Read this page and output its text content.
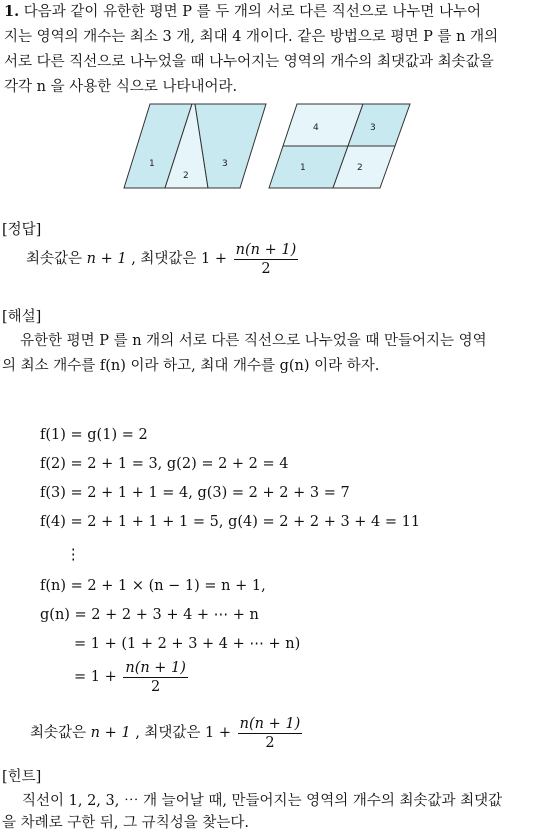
1. 다음과 같이 유한한 평면 P 를 두 개의 서로 다른 직선으로 나누면 나누어
지는 영역의 개수는 최소 3 개, 최대 4 개이다. 같은 방법으로 평면 P 를 n 개의
서로 다른 직선으로 나누었을 때 나누어지는 영역의 개수의 최댓값과 최솟값을
각각 n 을 사용한 식으로 나타내어라.
1
2
3
4	3
1	2
[정답]
최솟값은 n + 1 , 최댓값은 $1 + \frac{n(n + 1)}{2}$
[해설]
유한한 평면 P 를 n 개의 서로 다른 직선으로 나누었을 때 만들어지는 영역
의 최소 개수를 f(n) 이라 하고, 최대 개수를 g(n) 이라 하자.
f(1) = g(1) = 2
f(2) = 2 + 1 = 3, g(2) = 2 + 2 = 4
f(3) = 2 + 1 + 1 = 4, g(3) = 2 + 2 + 3 = 7
f(4) = 2 + 1 + 1 + 1 = 5, g(4) = 2 + 2 + 3 + 4 = 11
⋮
f(n) = 2 + 1 × (n − 1) = n + 1,
g(n) = 2 + 2 + 3 + 4 + ⋯ + n
= 1 + (1 + 2 + 3 + 4 + ⋯ + n)
= $1 + \frac{n(n + 1)}{2}$
최솟값은 n + 1 , 최댓값은 $1 + \frac{n(n + 1)}{2}$
[힌트]
직선이 1, 2, 3, ⋯ 개 늘어날 때, 만들어지는 영역의 개수의 최솟값과 최댓값
을 차례로 구한 뒤, 그 규칙성을 찾는다.
